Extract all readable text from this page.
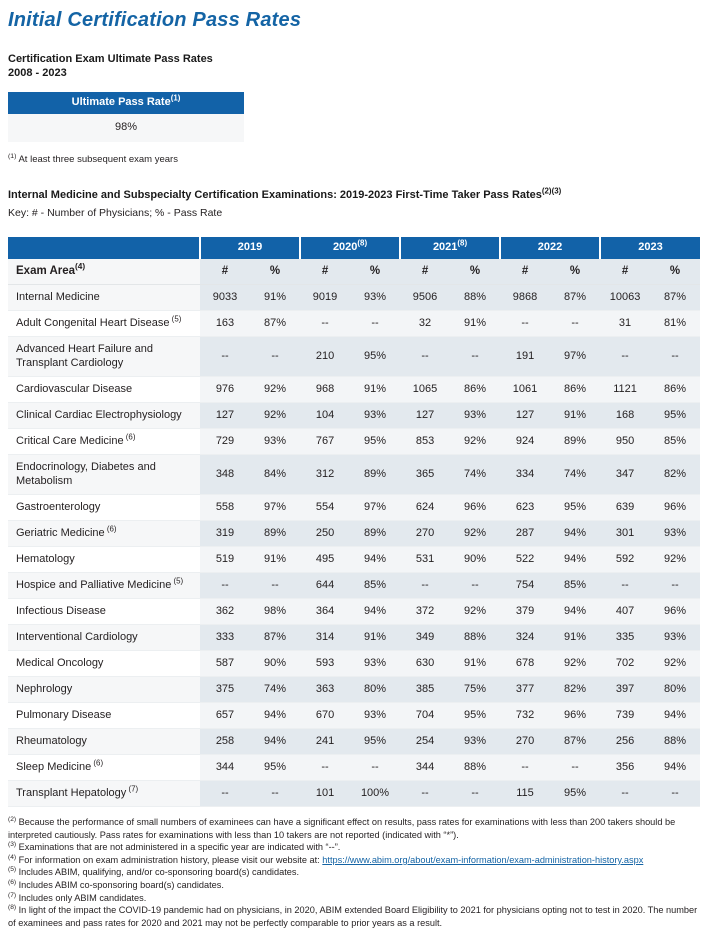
Initial Certification Pass Rates
Certification Exam Ultimate Pass Rates
2008 - 2023
Ultimate Pass Rate$^{(1)}$
98%
$^{(1)}$ At least three subsequent exam years
Internal Medicine and Subspecialty Certification Examinations: 2019-2023 First-Time Taker Pass Rates$^{(2)(3)}$
Key: # - Number of Physicians; % - Pass Rate
	2019		2020$^{(8)}$		2021$^{(8)}$		2022		2023	
Exam Area$^{(4)}$	#	%	#	%	#	%	#	%	#	%
Internal Medicine	9033	91%	9019	93%	9506	88%	9868	87%	10063	87%
Adult Congenital Heart Disease $^{(5)}$	163	87%	--	--	32	91%	--	--	31	81%
Advanced Heart Failure and Transplant Cardiology	--	--	210	95%	--	--	191	97%	--	--
Cardiovascular Disease	976	92%	968	91%	1065	86%	1061	86%	1121	86%
Clinical Cardiac Electrophysiology	127	92%	104	93%	127	93%	127	91%	168	95%
Critical Care Medicine $^{(6)}$	729	93%	767	95%	853	92%	924	89%	950	85%
Endocrinology, Diabetes and Metabolism	348	84%	312	89%	365	74%	334	74%	347	82%
Gastroenterology	558	97%	554	97%	624	96%	623	95%	639	96%
Geriatric Medicine $^{(6)}$	319	89%	250	89%	270	92%	287	94%	301	93%
Hematology	519	91%	495	94%	531	90%	522	94%	592	92%
Hospice and Palliative Medicine $^{(5)}$	--	--	644	85%	--	--	754	85%	--	--
Infectious Disease	362	98%	364	94%	372	92%	379	94%	407	96%
Interventional Cardiology	333	87%	314	91%	349	88%	324	91%	335	93%
Medical Oncology	587	90%	593	93%	630	91%	678	92%	702	92%
Nephrology	375	74%	363	80%	385	75%	377	82%	397	80%
Pulmonary Disease	657	94%	670	93%	704	95%	732	96%	739	94%
Rheumatology	258	94%	241	95%	254	93%	270	87%	256	88%
Sleep Medicine $^{(6)}$	344	95%	--	--	344	88%	--	--	356	94%
Transplant Hepatology $^{(7)}$	--	--	101	100%	--	--	115	95%	--	--

$^{(2)}$ Because the performance of small numbers of examinees can have a significant effect on results, pass rates for examinations with less than 200 takers should be interpreted cautiously. Pass rates for examinations with less than 10 takers are not reported (indicated with “*”).

$^{(3)}$ Examinations that are not administered in a specific year are indicated with “--”.

$^{(4)}$ For information on exam administration history, please visit our website at: https://www.abim.org/about/exam-information/exam-administration-history.aspx

$^{(5)}$ Includes ABIM, qualifying, and/or co-sponsoring board(s) candidates.

$^{(6)}$ Includes ABIM co-sponsoring board(s) candidates.

$^{(7)}$ Includes only ABIM candidates.

$^{(8)}$ In light of the impact the COVID-19 pandemic had on physicians, in 2020, ABIM extended Board Eligibility to 2021 for physicians opting not to test in 2020. The number of examinees and pass rates for 2020 and 2021 may not be perfectly comparable to prior years as a result.
